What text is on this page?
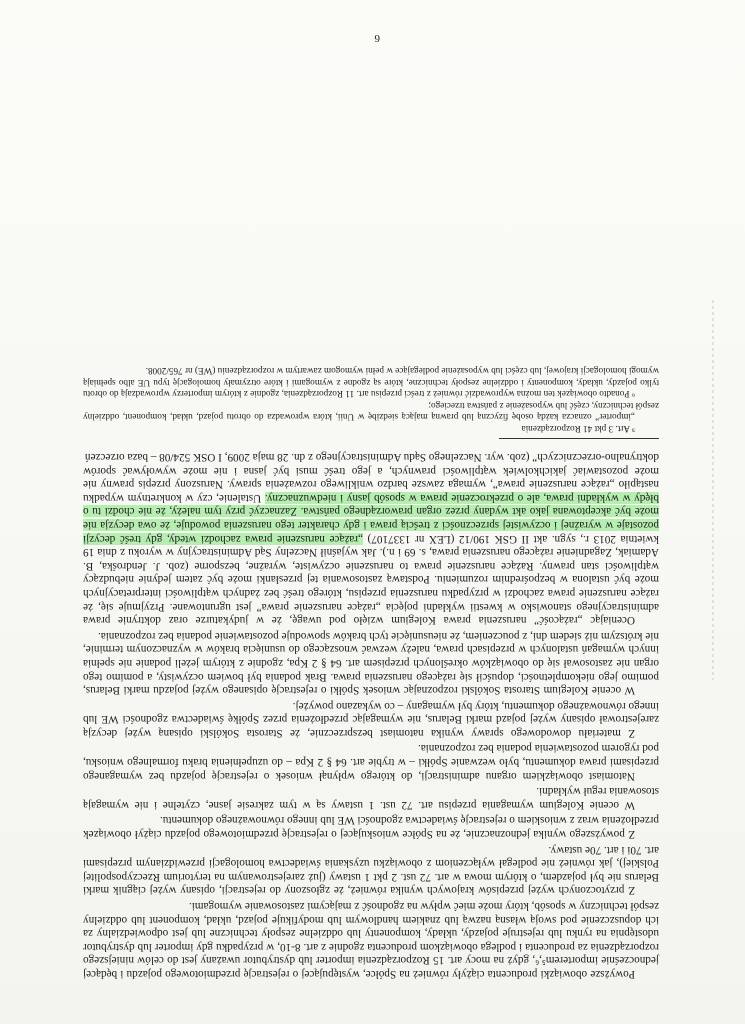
Powyższe obowiązki producenta ciążyły również na Spółce, występującej o rejestrację przedmiotowego pojazdu i będącej jednocześnie importerem⁵,⁶, gdyż na mocy art. 15 Rozporządzenia importer lub dystrybutor uważany jest do celów niniejszego rozporządzenia za producenta i podlega obowiązkom producenta zgodnie z art. 8-10, w przypadku gdy importer lub dystrybutor udostępnia na rynku lub rejestruje pojazdy, układy, komponenty lub oddzielne zespoły techniczne lub jest odpowiedzialny za ich dopuszczenie pod swoją własną nazwą lub znakiem handlowym lub modyfikuje pojazd, układ, komponent lub oddzielny zespół techniczny w sposób, który może mieć wpływ na zgodność z mającymi zastosowanie wymogami.

Z przytoczonych wyżej przepisów krajowych wynika również, że zgłoszony do rejestracji, opisany wyżej ciągnik marki Belarus nie był pojazdem, o którym mowa w art. 72 ust. 2 pkt 1 ustawy (już zarejestrowanym na terytorium Rzeczypospolitej Polskiej), jak również nie podlegał wyłączeniom z obowiązku uzyskania świadectwa homologacji przewidzianym przepisami art. 70i i art. 70e ustawy.

Z powyższego wynika jednoznacznie, że na Spółce wnioskującej o rejestrację przedmiotowego pojazdu ciążył obowiązek przedłożenia wraz z wnioskiem o rejestrację świadectwa zgodności WE lub innego równoważnego dokumentu.

W ocenie Kolegium wymagania przepisu art. 72 ust. 1 ustawy są w tym zakresie jasne, czytelne i nie wymagają stosowania reguł wykładni.

Natomiast obowiązkiem organu administracji, do którego wpłynął wniosek o rejestrację pojazdu bez wymaganego przepisami prawa dokumentu, było wezwanie Spółki – w trybie art. 64 § 2 Kpa – do uzupełnienia braku formalnego wniosku, pod rygorem pozostawienia podania bez rozpoznania.

Z materiału dowodowego sprawy wynika natomiast bezsprzecznie, że Starosta Sokólski opisaną wyżej decyzją zarejestrował opisany wyżej pojazd marki Belarus, nie wymagając przedłożenia przez Spółkę świadectwa zgodności WE lub innego równoważnego dokumentu, który był wymagany – co wykazano powyżej.

W ocenie Kolegium Starosta Sokólski rozpoznając wniosek Spółki o rejestrację opisanego wyżej pojazdu marki Belarus, pomimo jego niekompletności, dopuścił się rażącego naruszenia prawa. Brak podania był bowiem oczywisty, a pomimo tego organ nie zastosował się do obowiązków określonych przepisem art. 64 § 2 Kpa, zgodnie z którym jeżeli podanie nie spełnia innych wymagań ustalonych w przepisach prawa, należy wezwać wnoszącego do usunięcia braków w wyznaczonym terminie, nie krótszym niż siedem dni, z pouczeniem, że nieusunięcie tych braków spowoduje pozostawienie podania bez rozpoznania.

Oceniając „rażącość” naruszenia prawa Kolegium wzięło pod uwagę, że w judykaturze oraz doktrynie prawa administracyjnego stanowisko w kwestii wykładni pojęcia „rażące naruszenie prawa” jest ugruntowane. Przyjmuje się, że rażące naruszenie prawa zachodzi w przypadku naruszenia przepisu, którego treść bez żadnych wątpliwości interpretacyjnych może być ustalona w bezpośrednim rozumieniu. Podstawą zastosowania tej przesłanki może być zatem jedynie niebudzący wątpliwości stan prawny. Rażące naruszenie prawa to naruszenie oczywiste, wyraźne, bezsporne (zob. J. Jendrośka, B. Adamiak, Zagadnienie rażącego naruszenia prawa, s. 69 i n.). Jak wyjaśnił Naczelny Sąd Administracyjny w wyroku z dnia 19 kwietnia 2013 r., sygn. akt II GSK 190/12 (LEX nr 1337107) „rażące naruszenie prawa zachodzi wtedy, gdy treść decyzji pozostaje w wyraźnej i oczywistej sprzeczności z treścią prawa i gdy charakter tego naruszenia powoduje, że owa decyzja nie może być akceptowana jako akt wydany przez organ praworządnego państwa. Zaznaczyć przy tym należy, że nie chodzi tu o błędy w wykładni prawa, ale o przekroczenie prawa w sposób jasny i niedwuznaczny. Ustalenie, czy w konkretnym wypadku nastąpiło „rażące naruszenie prawa”, wymaga zawsze bardzo wnikliwego rozważenia sprawy. Naruszony przepis prawny nie może pozostawiać jakichkolwiek wątpliwości prawnych, a jego treść musi być jasna i nie może wywoływać sporów doktrynalno-orzeczniczych” (zob. wyr. Naczelnego Sądu Administracyjnego z dn. 28 maja 2009, I OSK 524/08 – baza orzeczeń

⁵ Art. 3 pkt 41 Rozporządzenia

„importer” oznacza każdą osobę fizyczną lub prawną mającą siedzibę w Unii, która wprowadza do obrotu pojazd, układ, komponent, oddzielny zespół techniczny, część lub wyposażenie z państwa trzeciego;

⁶ Ponadto obowiązek ten można wyprowadzić również z treści przepisu art. 11 Rozporządzenia, zgodnie z którym importerzy wprowadzają do obrotu tylko pojazdy, układy, komponenty i oddzielne zespoły techniczne, które są zgodne z wymogami i które otrzymały homologację typu UE albo spełniają wymogi homologacji krajowej, lub części lub wyposażenie podlegające w pełni wymogom zawartym w rozporządzeniu (WE) nr 765/2008.

6
